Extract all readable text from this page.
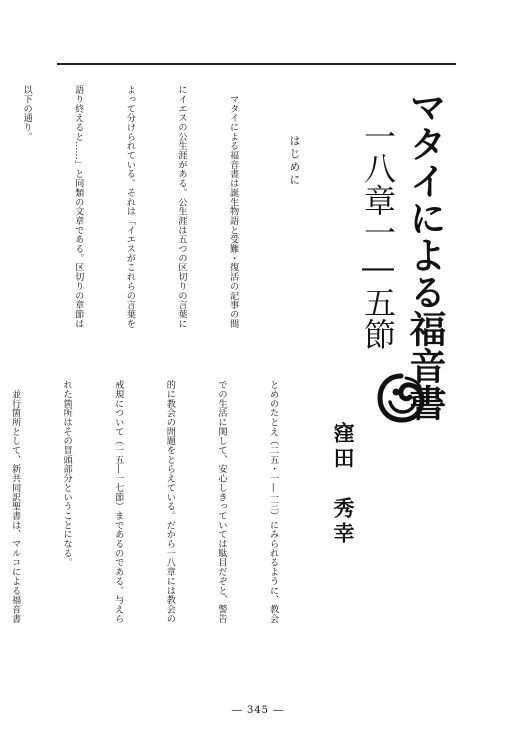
マタイによる福音書
一八章一―五節
窪田　秀幸
はじめに

　マタイによる福音書は誕生物語と受難・復活の記事の間

にイエスの公生涯がある。公生涯は五つの区切りの言葉に

よって分けられている。それは「イエスがこれらの言葉を

語り終えると……」と同類の文章である。区切りの章節は

以下の通り。

とめのたとえ（二五・一―一三）にみられるように、教会

での生活に関して、安心しきっていては駄目だぞと、警告

的に教会の問題をとらえている。だから一八章には教会の

戒規について（一五―一七節）まであるのである。与えら

れた箇所はその冒頭部分ということになる。

　並行箇所として、新共同訳聖書は、マルコによる福音書

― 345 ―
